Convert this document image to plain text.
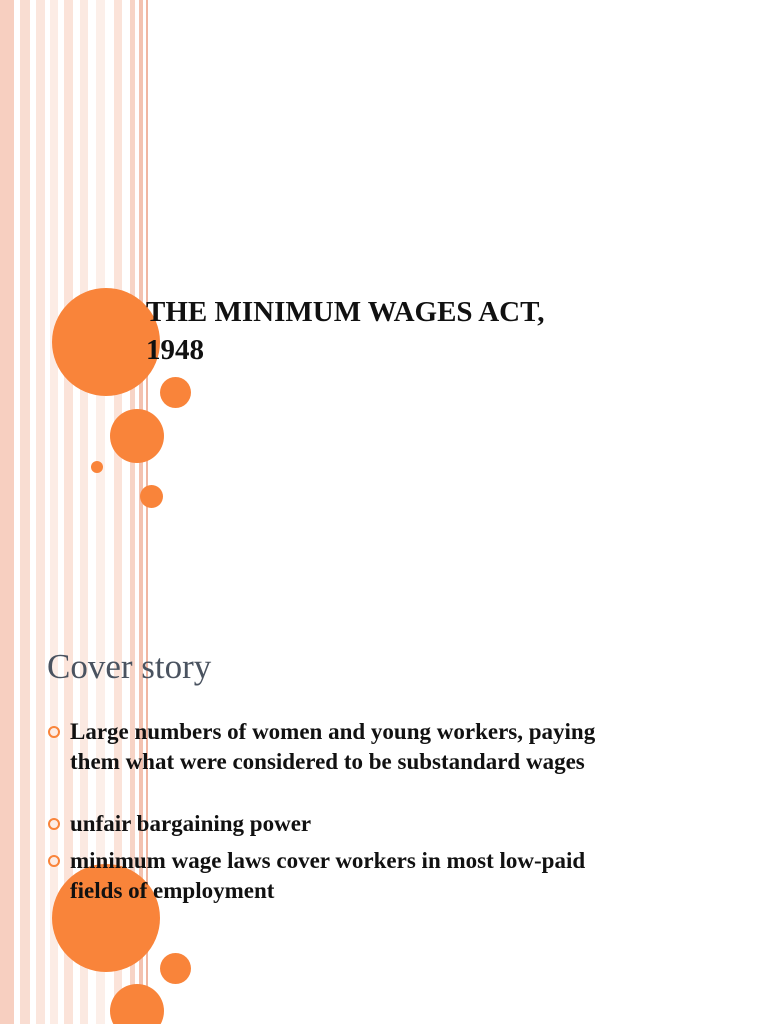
THE MINIMUM WAGES ACT,
1948
Cover story
Large numbers of women and young workers, paying
them what were considered to be substandard wages
unfair bargaining power
minimum wage laws cover workers in most low-paid
fields of employment
